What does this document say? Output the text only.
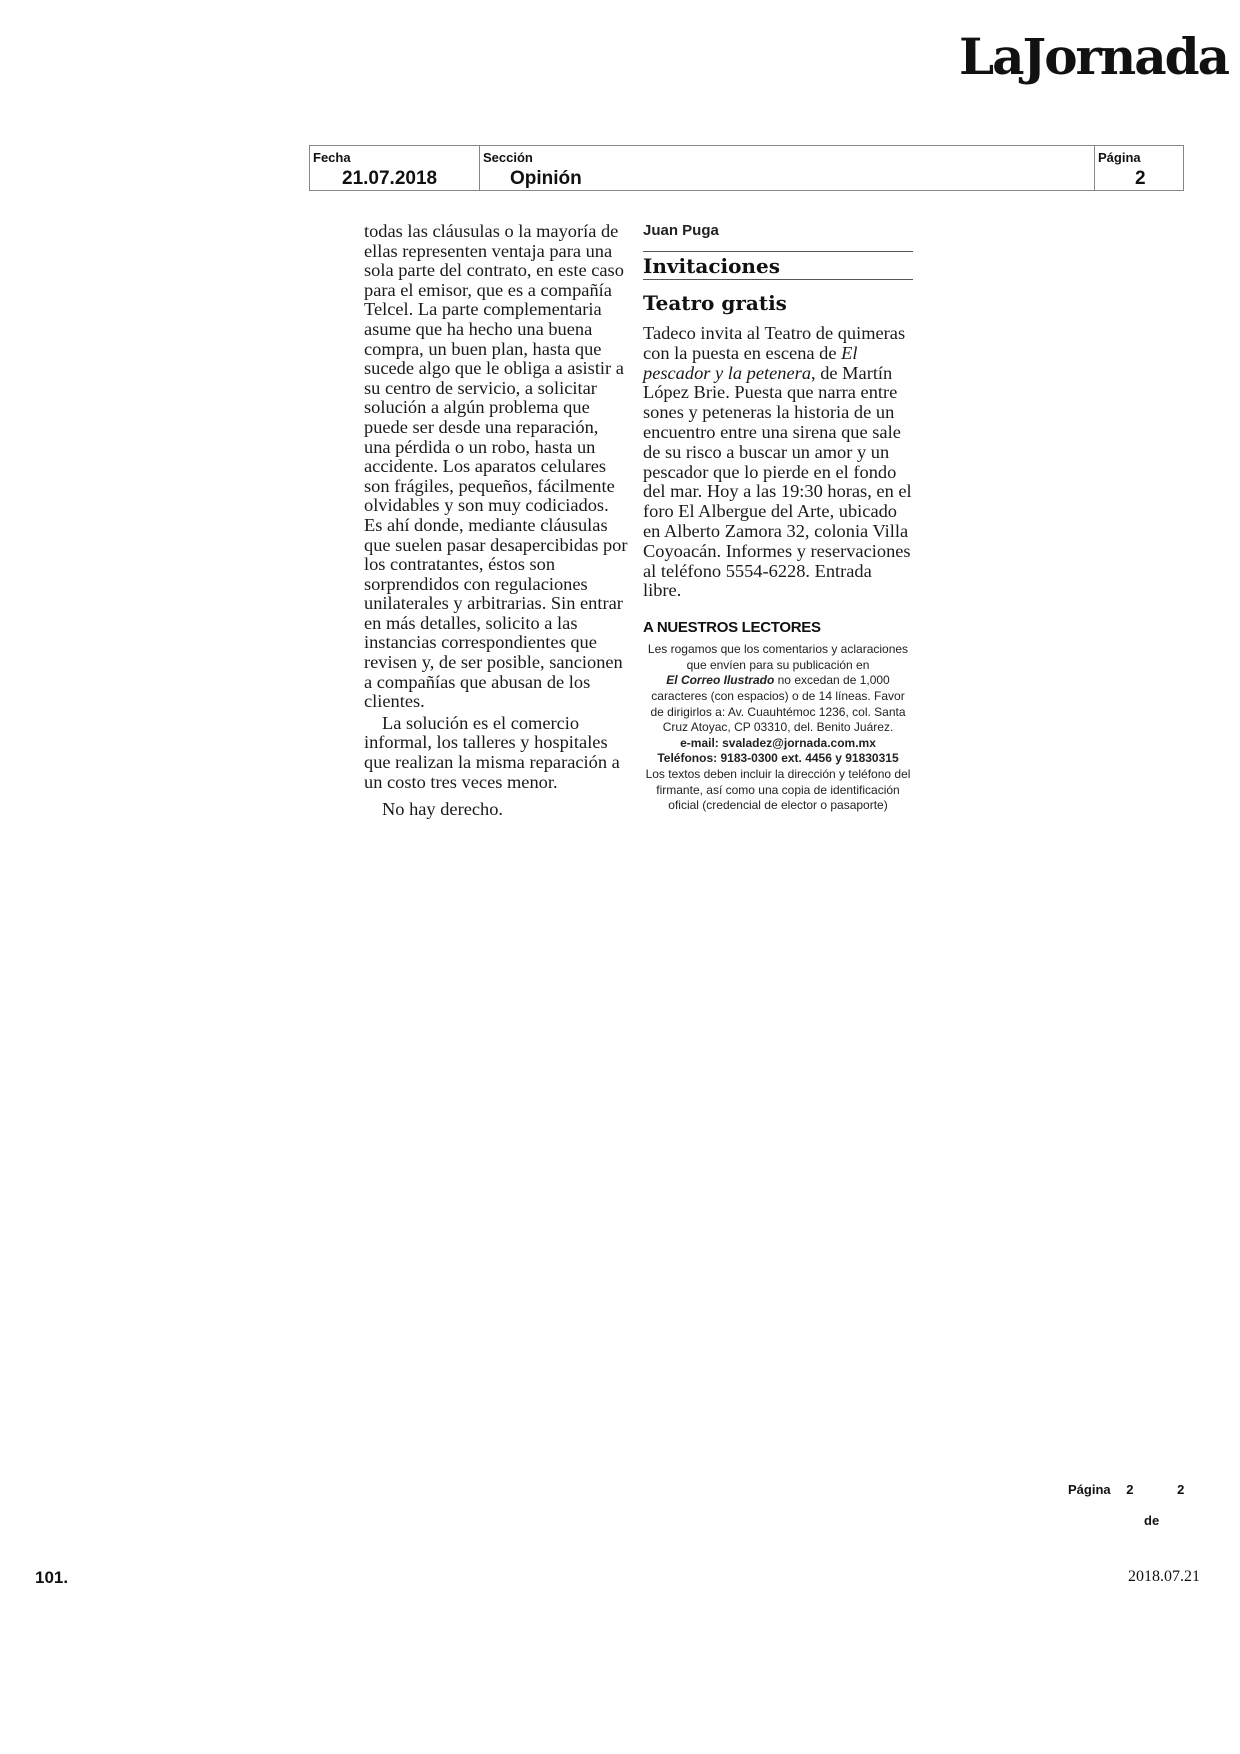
LaJornada
Fecha
21.07.2018
Sección
Opinión
Página
2

todas las cláusulas o la mayoría de ellas representen ventaja para una sola parte del contrato, en este caso para el emisor, que es a compañía Telcel. La parte complementaria asume que ha hecho una buena compra, un buen plan, hasta que sucede algo que le obliga a asistir a su centro de servicio, a solicitar solución a algún problema que puede ser desde una reparación, una pérdida o un robo, hasta un accidente. Los aparatos celulares son frágiles, pequeños, fácilmente olvidables y son muy codiciados. Es ahí donde, mediante cláusulas que suelen pasar desapercibidas por los contratantes, éstos son sorprendidos con regulaciones unilaterales y arbitrarias. Sin entrar en más detalles, solicito a las instancias correspondientes que revisen y, de ser posible, sancionen a compañías que abusan de los clientes.

La solución es el comercio informal, los talleres y hospitales que realizan la misma reparación a un costo tres veces menor.

No hay derecho.

Juan Puga
Invitaciones
Teatro gratis
Tadeco invita al Teatro de quimeras con la puesta en escena de El pescador y la petenera, de Martín López Brie. Puesta que narra entre sones y peteneras la historia de un encuentro entre una sirena que sale de su risco a buscar un amor y un pescador que lo pierde en el fondo del mar. Hoy a las 19:30 horas, en el foro El Albergue del Arte, ubicado en Alberto Zamora 32, colonia Villa Coyoacán. Informes y reservaciones al teléfono 5554-6228. Entrada libre.
A NUESTROS LECTORES
Les rogamos que los comentarios y aclaraciones que envíen para su publicación en
El Correo Ilustrado no excedan de 1,000 caracteres (con espacios) o de 14 líneas. Favor de dirigirlos a: Av. Cuauhtémoc 1236, col. Santa Cruz Atoyac, CP 03310, del. Benito Juárez.
e-mail: svaladez@jornada.com.mx
Teléfonos: 9183-0300 ext. 4456 y 91830315
Los textos deben incluir la dirección y teléfono del firmante, así como una copia de identificación oficial (credencial de elector o pasaporte)
Página 2	2
de
101.	2018.07.21
